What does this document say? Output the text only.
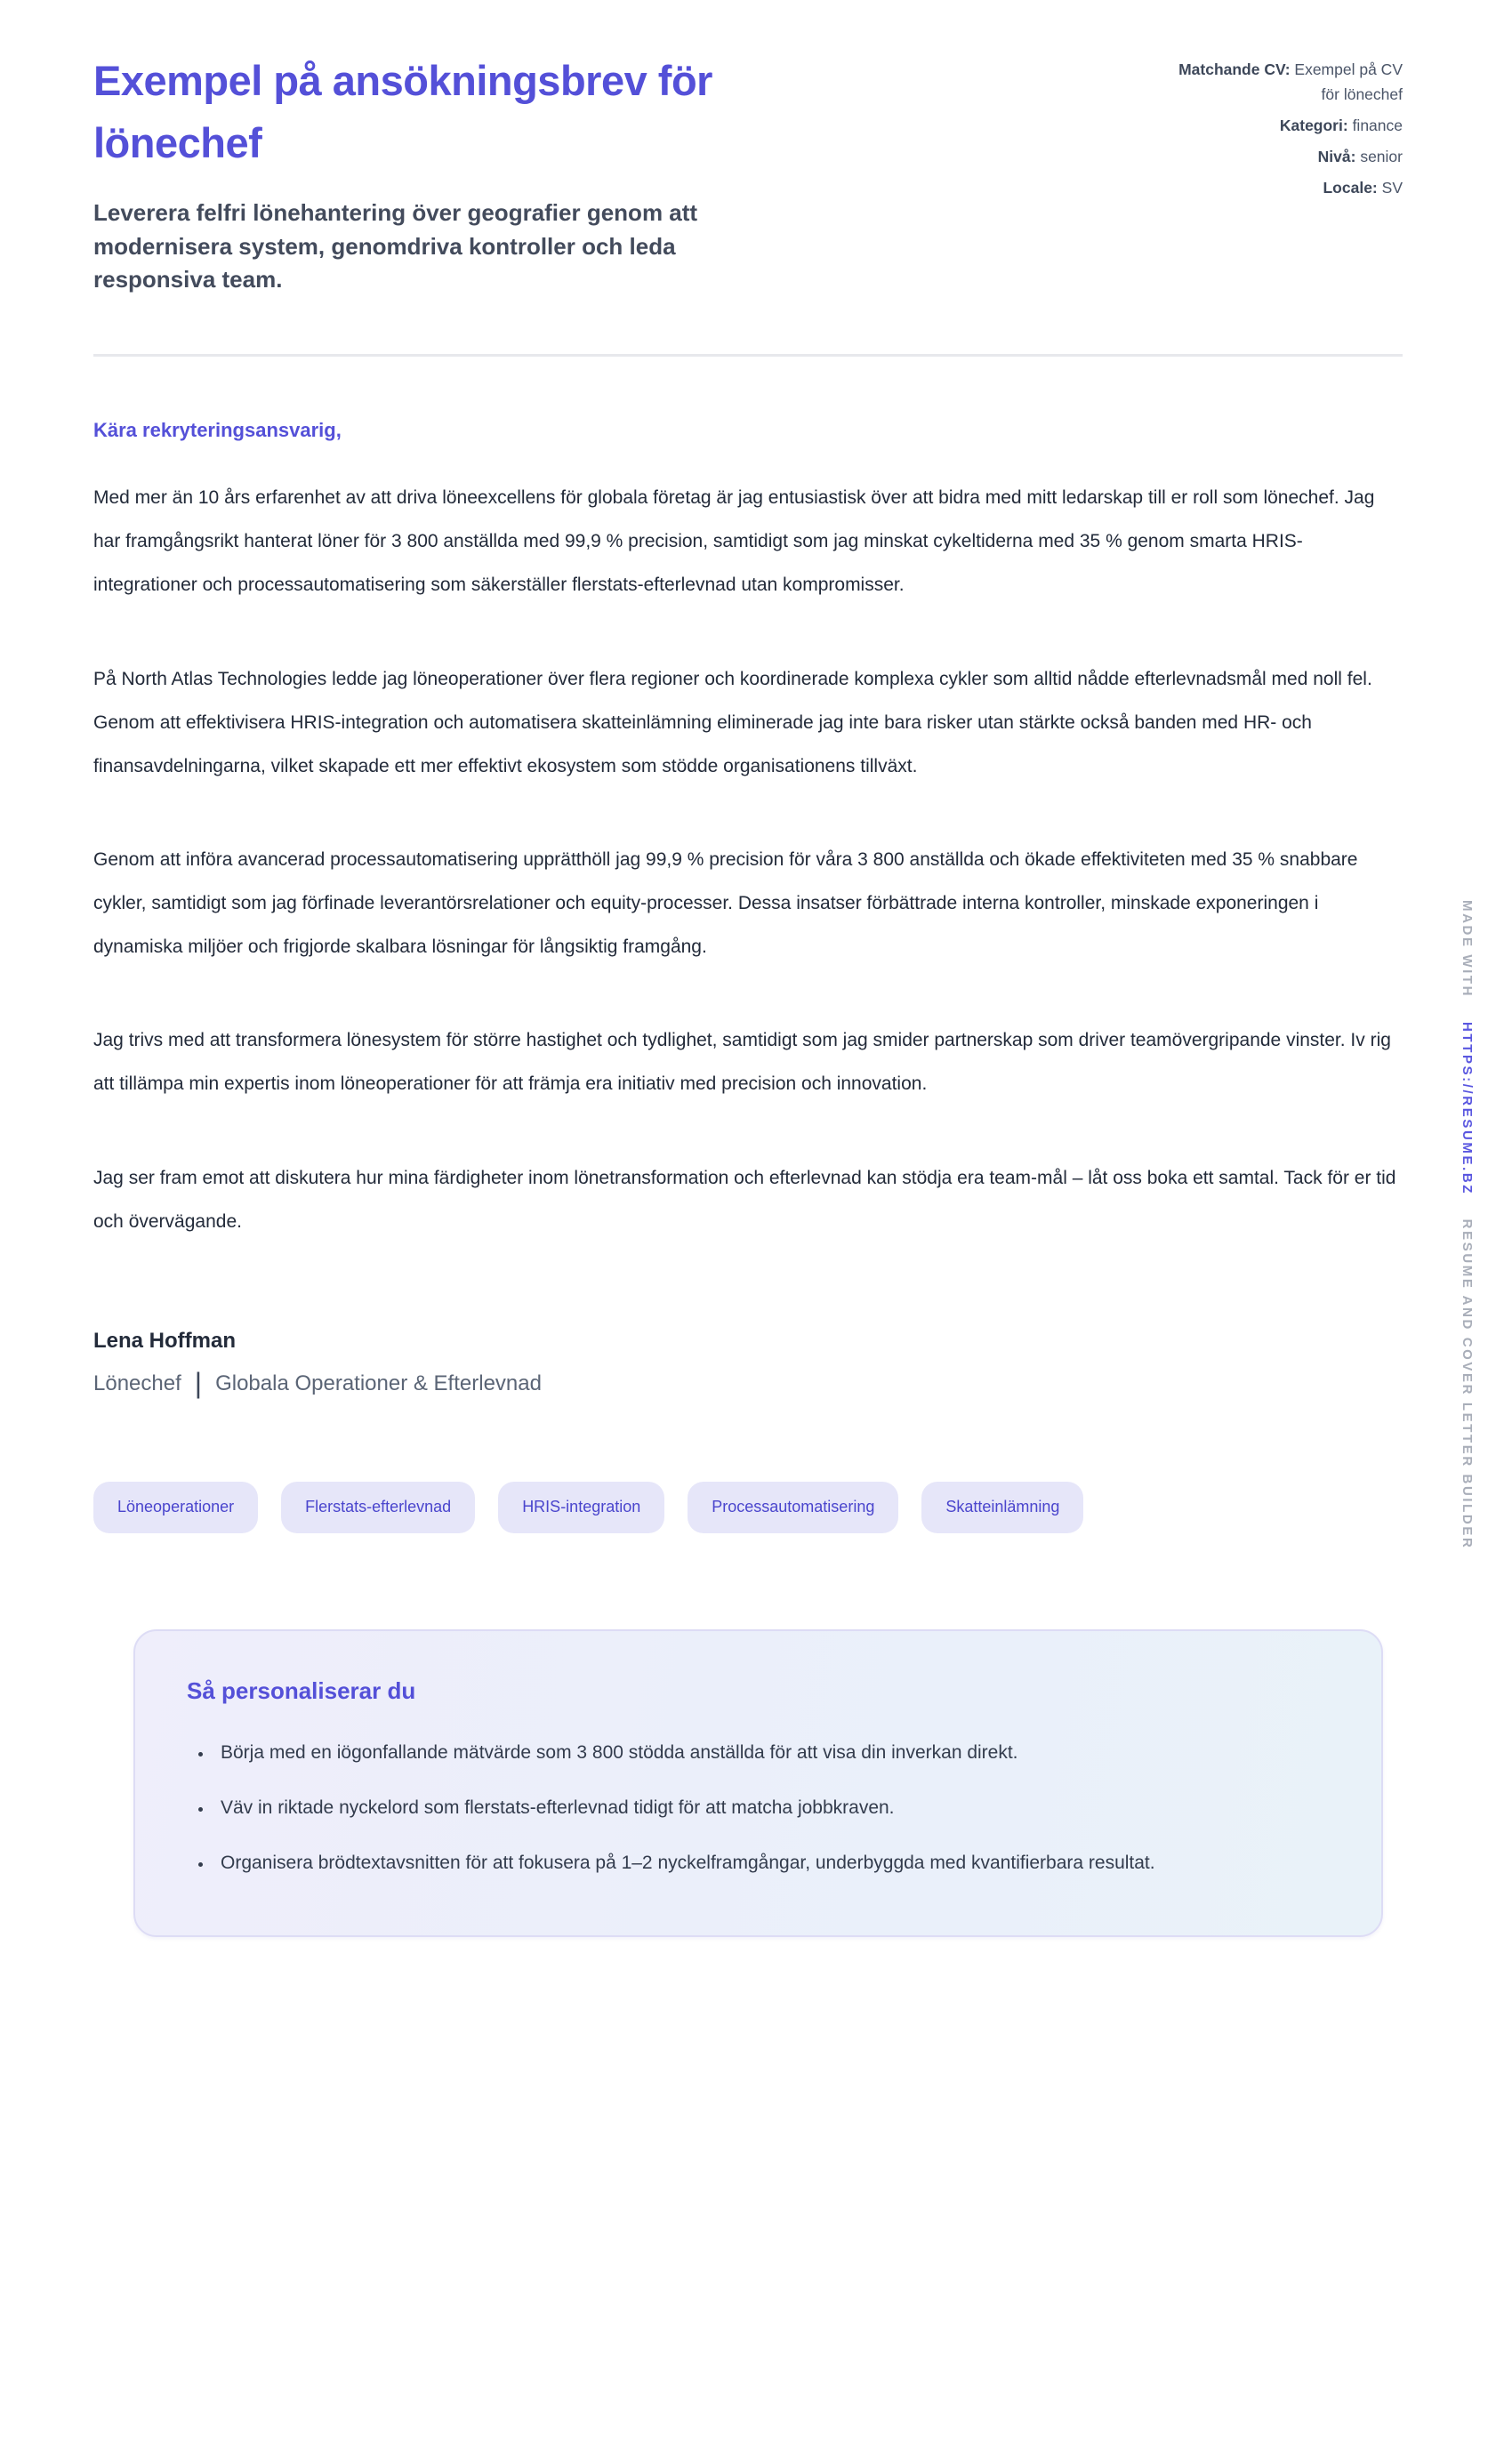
Exempel på ansökningsbrev för lönechef

Leverera felfri lönehantering över geografier genom att modernisera system, genomdriva kontroller och leda responsiva team.

Matchande CV: Exempel på CV för lönechef
Kategori: finance
Nivå: senior
Locale: SV

Kära rekryteringsansvarig,

Med mer än 10 års erfarenhet av att driva löneexcellens för globala företag är jag entusiastisk över att bidra med mitt ledarskap till er roll som lönechef. Jag har framgångsrikt hanterat löner för 3 800 anställda med 99,9 % precision, samtidigt som jag minskat cykeltiderna med 35 % genom smarta HRIS-integrationer och processautomatisering som säkerställer flerstats-efterlevnad utan kompromisser.

På North Atlas Technologies ledde jag löneoperationer över flera regioner och koordinerade komplexa cykler som alltid nådde efterlevnadsmål med noll fel. Genom att effektivisera HRIS-integration och automatisera skatteinlämning eliminerade jag inte bara risker utan stärkte också banden med HR- och finansavdelningarna, vilket skapade ett mer effektivt ekosystem som stödde organisationens tillväxt.

Genom att införa avancerad processautomatisering upprätthöll jag 99,9 % precision för våra 3 800 anställda och ökade effektiviteten med 35 % snabbare cykler, samtidigt som jag förfinade leverantörsrelationer och equity-processer. Dessa insatser förbättrade interna kontroller, minskade exponeringen i dynamiska miljöer och frigjorde skalbara lösningar för långsiktig framgång.

Jag trivs med att transformera lönesystem för större hastighet och tydlighet, samtidigt som jag smider partnerskap som driver teamövergripande vinster. Iv rig att tillämpa min expertis inom löneoperationer för att främja era initiativ med precision och innovation.

Jag ser fram emot att diskutera hur mina färdigheter inom lönetransformation och efterlevnad kan stödja era team-mål – låt oss boka ett samtal. Tack för er tid och övervägande.

Lena Hoffman

Lönechef | Globala Operationer & Efterlevnad

Löneoperationer	Flerstats-efterlevnad	HRIS-integration	Processautomatisering	Skatteinlämning
Så personaliserar du
• Börja med en iögonfallande mätvärde som 3 800 stödda anställda för att visa din inverkan direkt.
• Väv in riktade nyckelord som flerstats-efterlevnad tidigt för att matcha jobbkraven.
• Organisera brödtextavsnitten för att fokusera på 1–2 nyckelframgångar, underbyggda med kvantifierbara resultat.
MADE WITH HTTPS://RESUME.BZ RESUME AND COVER LETTER BUILDER
